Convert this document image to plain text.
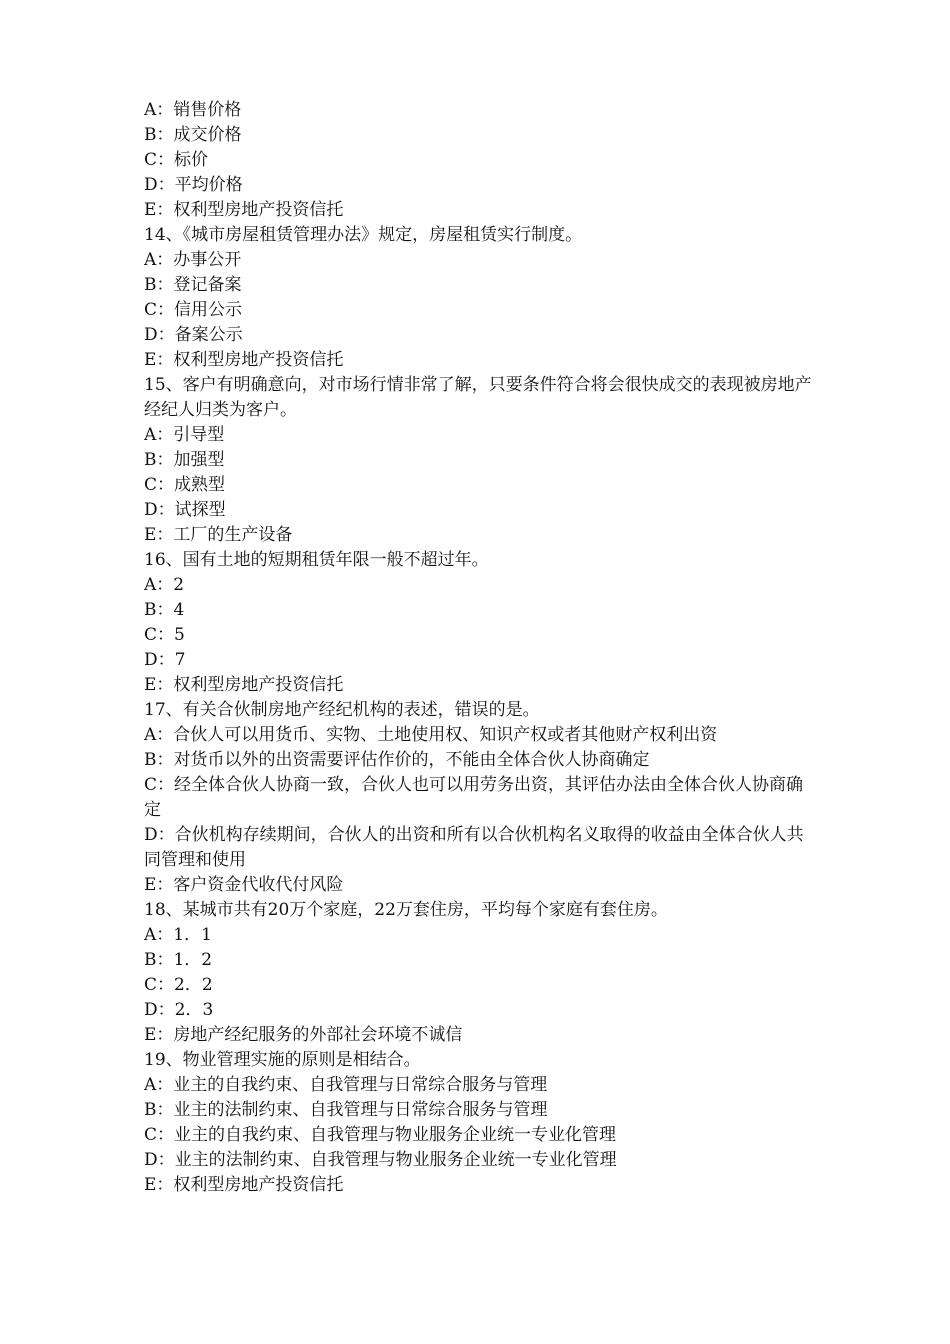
A：销售价格
B：成交价格
C：标价
D：平均价格
E：权利型房地产投资信托
14、《城市房屋租赁管理办法》规定，房屋租赁实行制度。
A：办事公开
B：登记备案
C：信用公示
D：备案公示
E：权利型房地产投资信托
15、客户有明确意向，对市场行情非常了解，只要条件符合将会很快成交的表现被房地产经纪人归类为客户。
A：引导型
B：加强型
C：成熟型
D：试探型
E：工厂的生产设备
16、国有土地的短期租赁年限一般不超过年。
A：2
B：4
C：5
D：7
E：权利型房地产投资信托
17、有关合伙制房地产经纪机构的表述，错误的是。
A：合伙人可以用货币、实物、土地使用权、知识产权或者其他财产权利出资
B：对货币以外的出资需要评估作价的，不能由全体合伙人协商确定
C：经全体合伙人协商一致，合伙人也可以用劳务出资，其评估办法由全体合伙人协商确定
D：合伙机构存续期间，合伙人的出资和所有以合伙机构名义取得的收益由全体合伙人共同管理和使用
E：客户资金代收代付风险
18、某城市共有20万个家庭，22万套住房，平均每个家庭有套住房。
A：1．1
B：1．2
C：2．2
D：2．3
E：房地产经纪服务的外部社会环境不诚信
19、物业管理实施的原则是相结合。
A：业主的自我约束、自我管理与日常综合服务与管理
B：业主的法制约束、自我管理与日常综合服务与管理
C：业主的自我约束、自我管理与物业服务企业统一专业化管理
D：业主的法制约束、自我管理与物业服务企业统一专业化管理
E：权利型房地产投资信托
